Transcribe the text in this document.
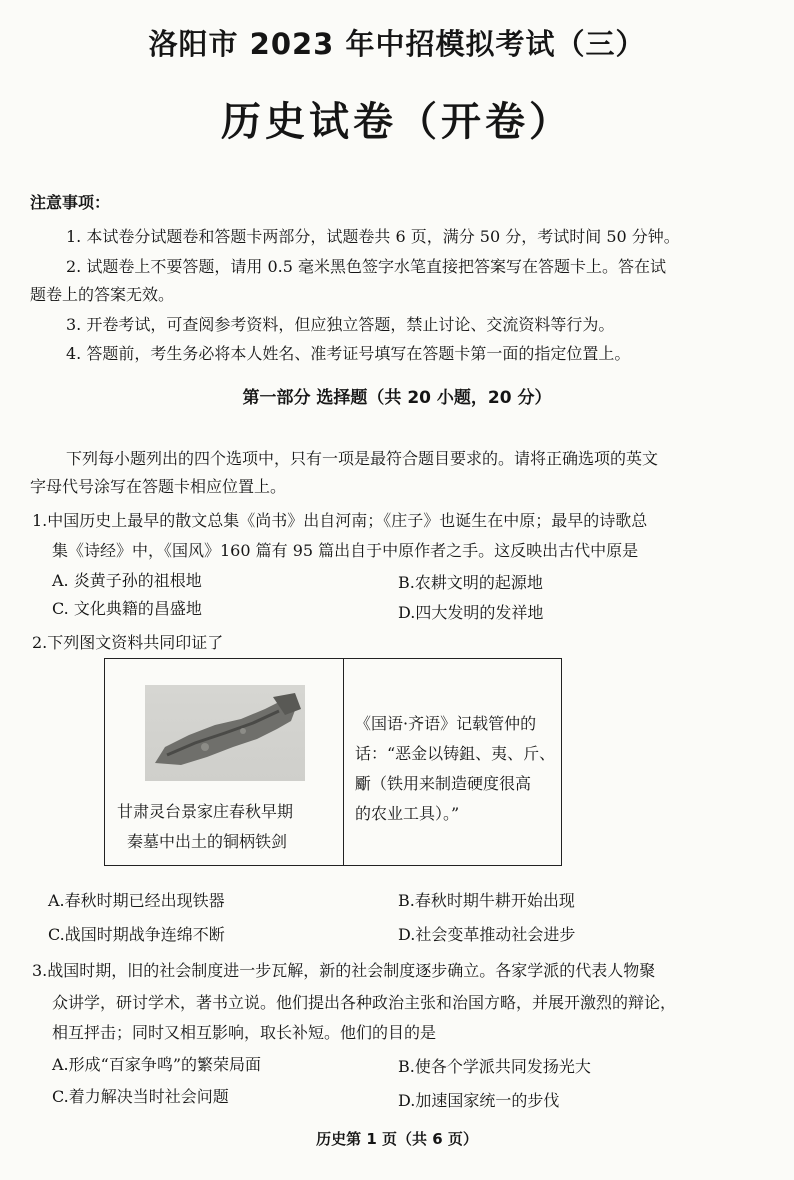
洛阳市 2023 年中招模拟考试（三）
历史试卷（开卷）
注意事项：
1. 本试卷分试题卷和答题卡两部分，试题卷共 6 页，满分 50 分，考试时间 50 分钟。
2. 试题卷上不要答题，请用 0.5 毫米黑色签字水笔直接把答案写在答题卡上。答在试
题卷上的答案无效。
3. 开卷考试，可查阅参考资料，但应独立答题，禁止讨论、交流资料等行为。
4. 答题前，考生务必将本人姓名、准考证号填写在答题卡第一面的指定位置上。
第一部分 选择题（共 20 小题，20 分）
下列每小题列出的四个选项中，只有一项是最符合题目要求的。请将正确选项的英文
字母代号涂写在答题卡相应位置上。
1.中国历史上最早的散文总集《尚书》出自河南；《庄子》也诞生在中原；最早的诗歌总
集《诗经》中，《国风》160 篇有 95 篇出自于中原作者之手。这反映出古代中原是
A. 炎黄子孙的祖根地	B.农耕文明的起源地
C. 文化典籍的昌盛地	D.四大发明的发祥地
2.下列图文资料共同印证了
甘肃灵台景家庄春秋早期
秦墓中出土的铜柄铁剑
《国语·齐语》记载管仲的
话：“恶金以铸鉏、夷、斤、
斸（铁用来制造硬度很高
的农业工具）。”
A.春秋时期已经出现铁器	B.春秋时期牛耕开始出现
C.战国时期战争连绵不断	D.社会变革推动社会进步
3.战国时期，旧的社会制度进一步瓦解，新的社会制度逐步确立。各家学派的代表人物聚
众讲学，研讨学术，著书立说。他们提出各种政治主张和治国方略，并展开激烈的辩论，
相互抨击；同时又相互影响，取长补短。他们的目的是
A.形成“百家争鸣”的繁荣局面	B.使各个学派共同发扬光大
C.着力解决当时社会问题	D.加速国家统一的步伐
历史第 1 页（共 6 页）
